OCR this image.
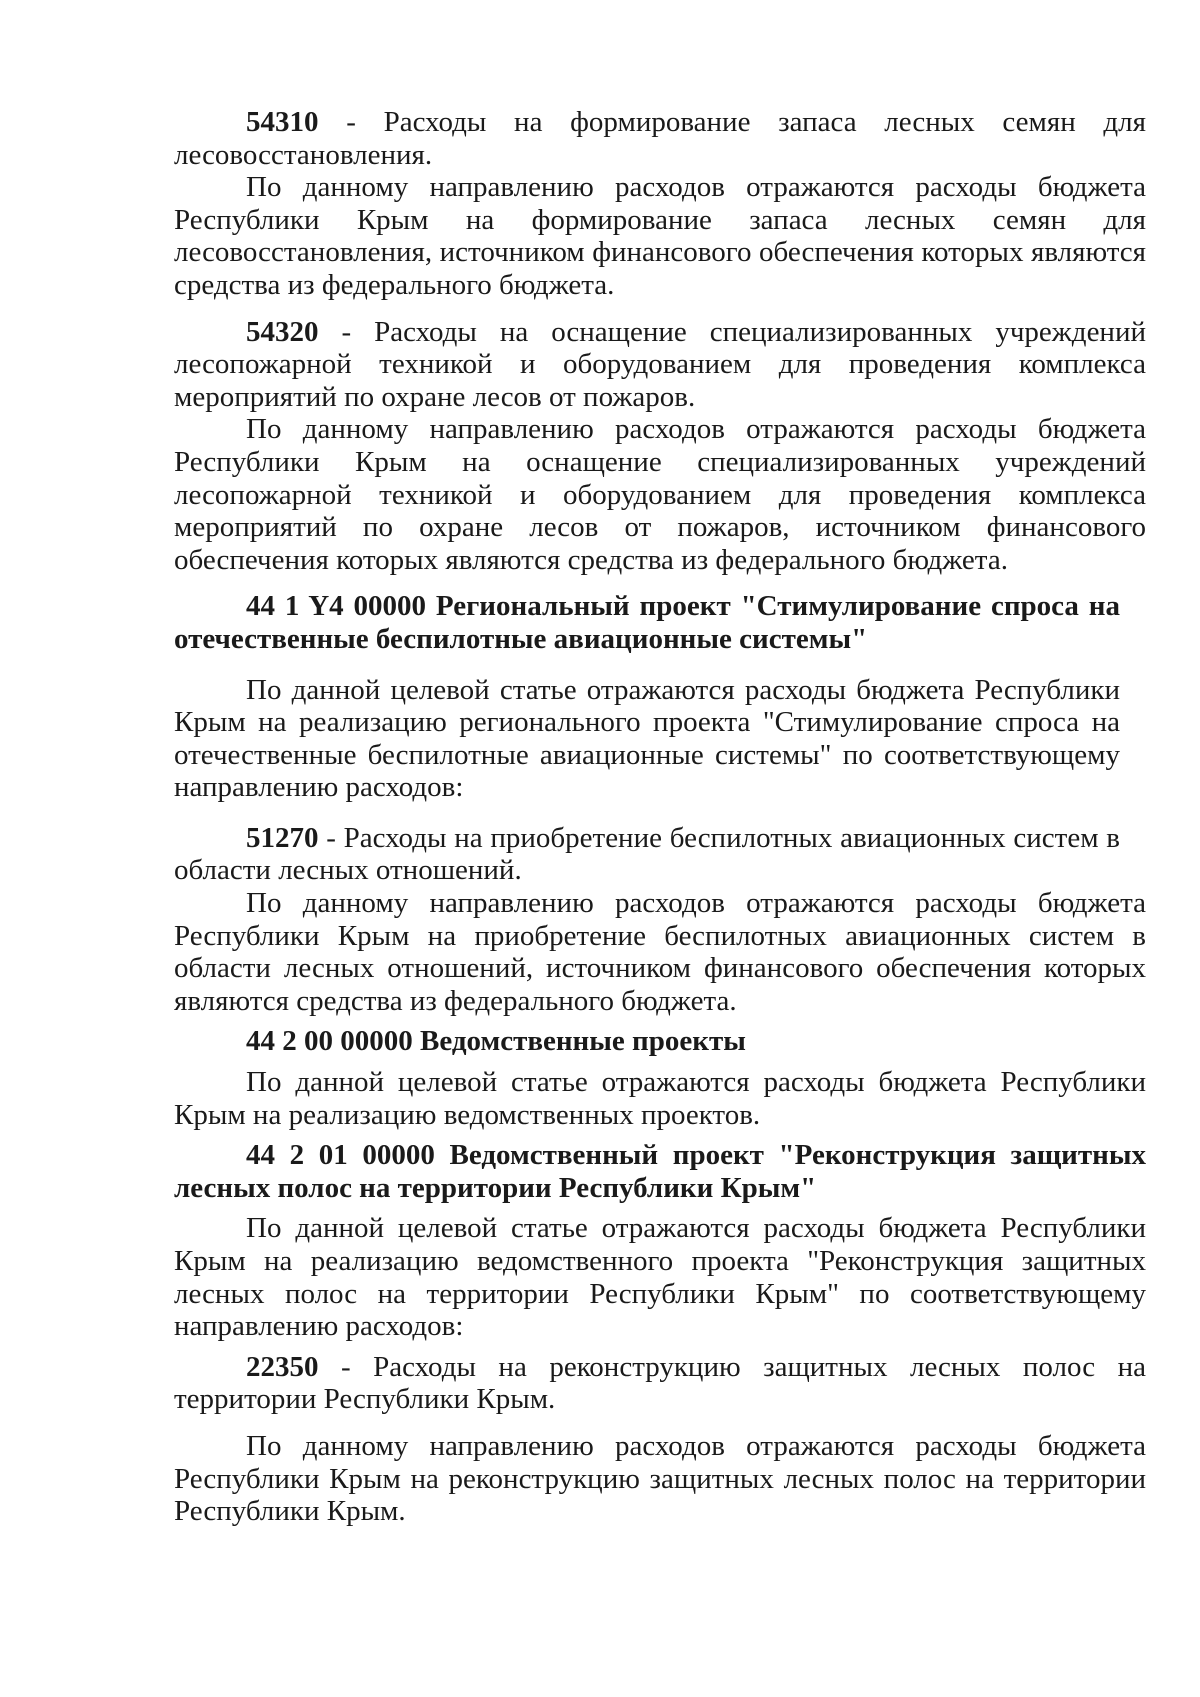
54310 - Расходы на формирование запаса лесных семян для лесовосстановления.

По данному направлению расходов отражаются расходы бюджета Республики Крым на формирование запаса лесных семян для лесовосстановления, источником финансового обеспечения которых являются средства из федерального бюджета.

54320 - Расходы на оснащение специализированных учреждений лесопожарной техникой и оборудованием для проведения комплекса мероприятий по охране лесов от пожаров.

По данному направлению расходов отражаются расходы бюджета Республики Крым на оснащение специализированных учреждений лесопожарной техникой и оборудованием для проведения комплекса мероприятий по охране лесов от пожаров, источником финансового обеспечения которых являются средства из федерального бюджета.

44 1 Y4 00000 Региональный проект "Стимулирование спроса на отечественные беспилотные авиационные системы"

По данной целевой статье отражаются расходы бюджета Республики Крым на реализацию регионального проекта "Стимулирование спроса на отечественные беспилотные авиационные системы" по соответствующему направлению расходов:

51270 - Расходы на приобретение беспилотных авиационных систем в области лесных отношений.

По данному направлению расходов отражаются расходы бюджета Республики Крым на приобретение беспилотных авиационных систем в области лесных отношений, источником финансового обеспечения которых являются средства из федерального бюджета.

44 2 00 00000 Ведомственные проекты

По данной целевой статье отражаются расходы бюджета Республики Крым на реализацию ведомственных проектов.

44 2 01 00000 Ведомственный проект "Реконструкция защитных лесных полос на территории Республики Крым"

По данной целевой статье отражаются расходы бюджета Республики Крым на реализацию ведомственного проекта "Реконструкция защитных лесных полос на территории Республики Крым" по соответствующему направлению расходов:

22350 - Расходы на реконструкцию защитных лесных полос на территории Республики Крым.

По данному направлению расходов отражаются расходы бюджета Республики Крым на реконструкцию защитных лесных полос на территории Республики Крым.
